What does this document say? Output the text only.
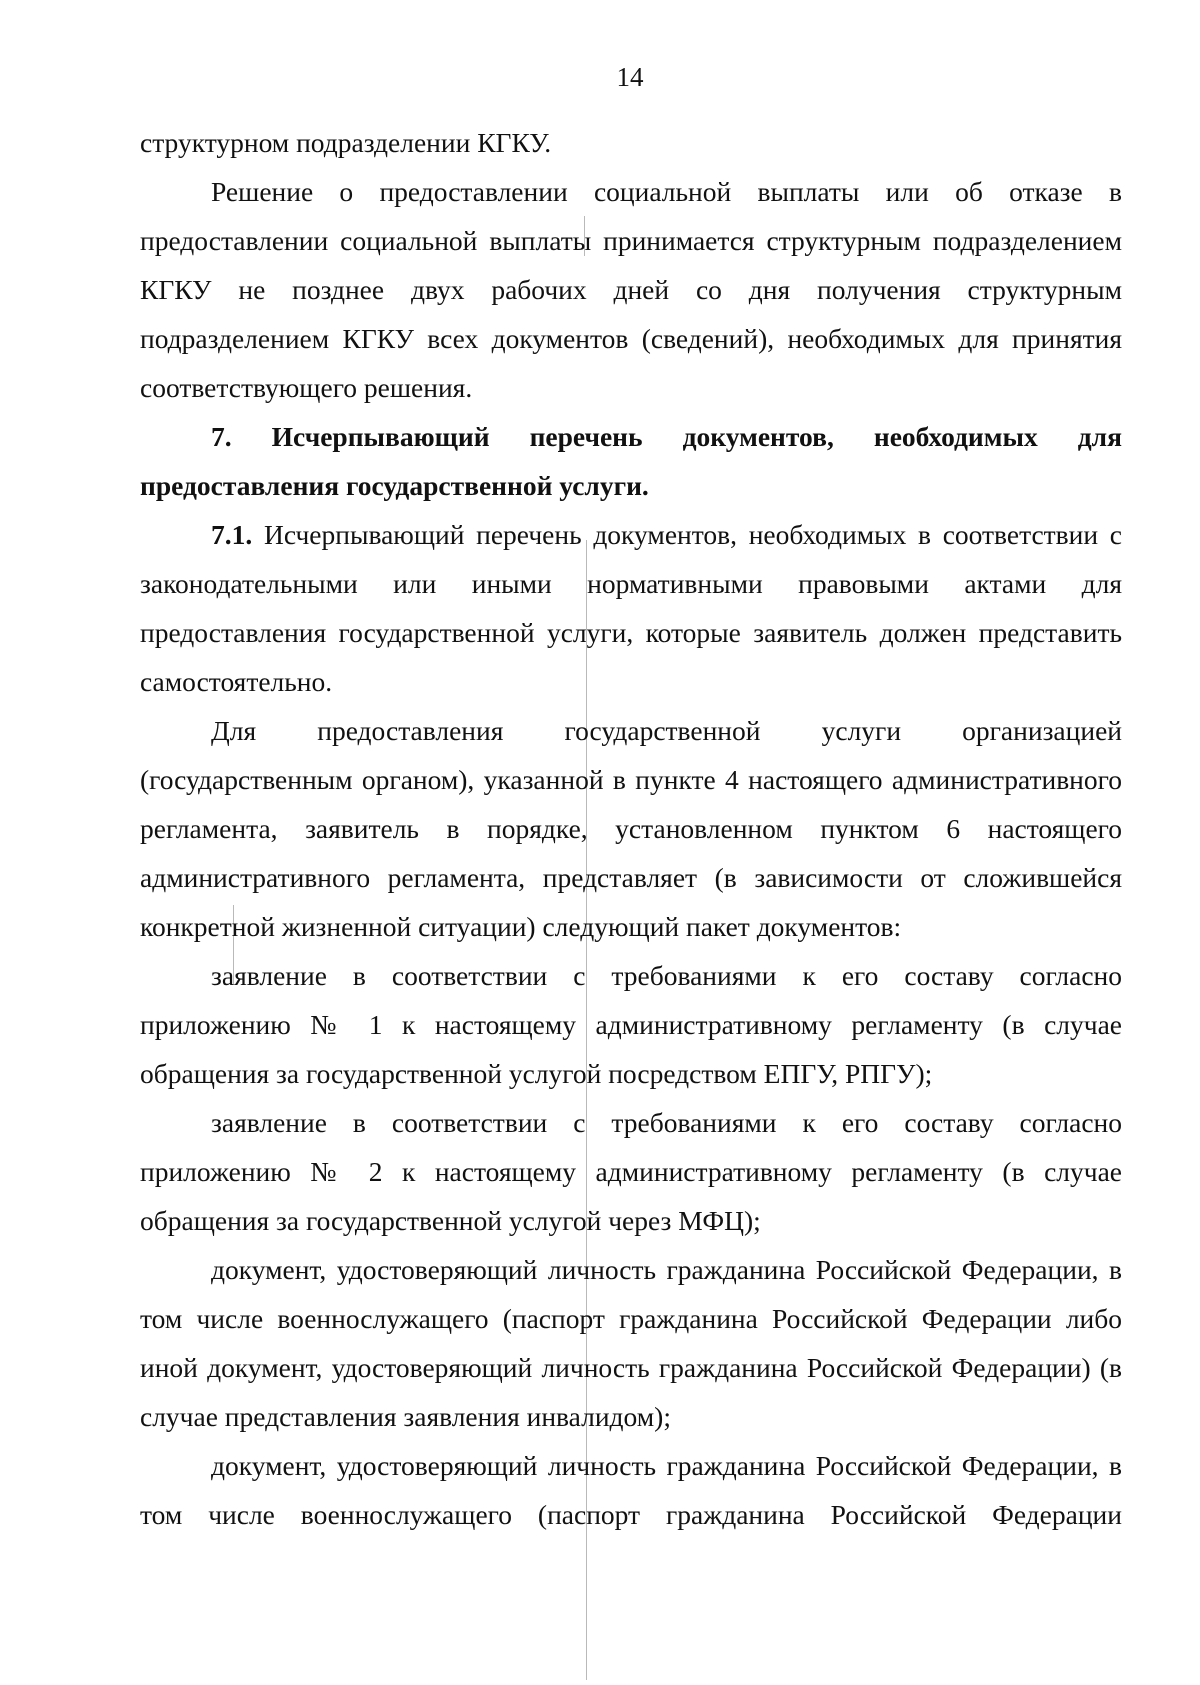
14

структурном подразделении КГКУ.

Решение о предоставлении социальной выплаты или об отказе в предоставлении социальной выплаты принимается структурным подразделением КГКУ не позднее двух рабочих дней со дня получения структурным подразделением КГКУ всех документов (сведений), необходимых для принятия соответствующего решения.

7. Исчерпывающий перечень документов, необходимых для предоставления государственной услуги.

7.1. Исчерпывающий перечень документов, необходимых в соответствии с законодательными или иными нормативными правовыми актами для предоставления государственной услуги, которые заявитель должен представить самостоятельно.

Для предоставления государственной услуги организацией (государственным органом), указанной в пункте 4 настоящего административного регламента, заявитель в порядке, установленном пунктом 6 настоящего административного регламента, представляет (в зависимости от сложившейся конкретной жизненной ситуации) следующий пакет документов:

заявление в соответствии с требованиями к его составу согласно приложению № 1 к настоящему административному регламенту (в случае обращения за государственной услугой посредством ЕПГУ, РПГУ);

заявление в соответствии с требованиями к его составу согласно приложению № 2 к настоящему административному регламенту (в случае обращения за государственной услугой через МФЦ);

документ, удостоверяющий личность гражданина Российской Федерации, в том числе военнослужащего (паспорт гражданина Российской Федерации либо иной документ, удостоверяющий личность гражданина Российской Федерации) (в случае представления заявления инвалидом);

документ, удостоверяющий личность гражданина Российской Федерации, в том числе военнослужащего (паспорт гражданина Российской Федерации
